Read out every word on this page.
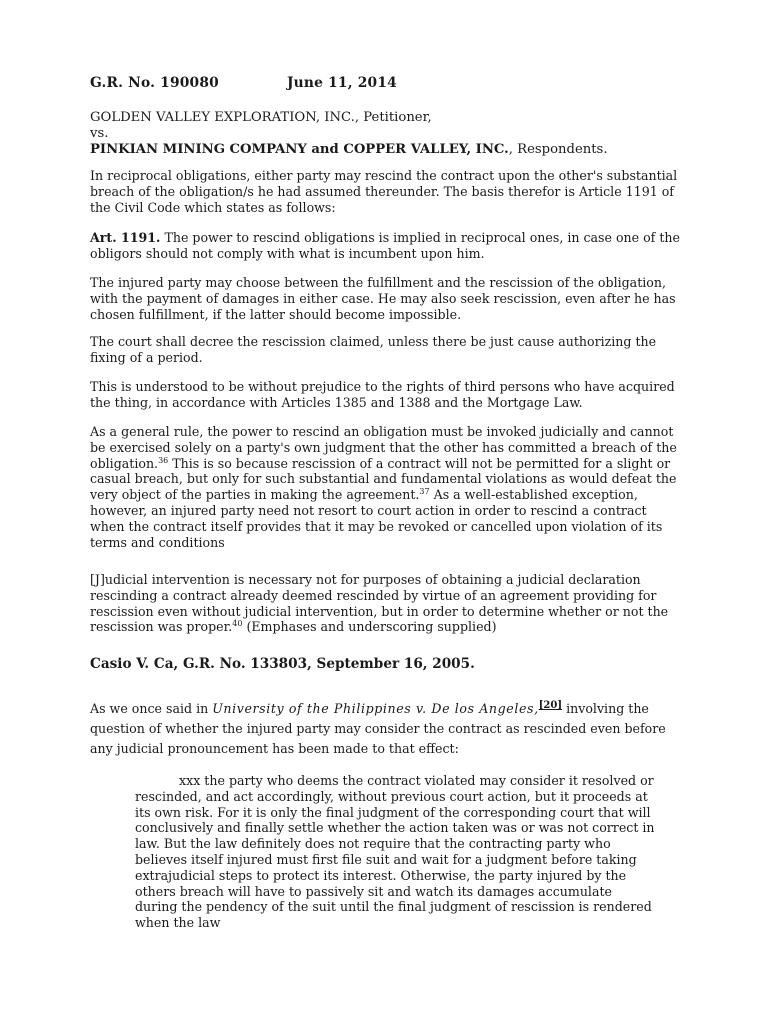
G.R. No. 190080	June 11, 2014
GOLDEN VALLEY EXPLORATION, INC., Petitioner,
vs.
PINKIAN MINING COMPANY and COPPER VALLEY, INC., Respondents.

In reciprocal obligations, either party may rescind the contract upon the other's substantial breach of the obligation/s he had assumed thereunder. The basis therefor is Article 1191 of the Civil Code which states as follows:

Art. 1191. The power to rescind obligations is implied in reciprocal ones, in case one of the obligors should not comply with what is incumbent upon him.

The injured party may choose between the fulfillment and the rescission of the obligation, with the payment of damages in either case. He may also seek rescission, even after he has chosen fulfillment, if the latter should become impossible.

The court shall decree the rescission claimed, unless there be just cause authorizing the fixing of a period.

This is understood to be without prejudice to the rights of third persons who have acquired the thing, in accordance with Articles 1385 and 1388 and the Mortgage Law.

As a general rule, the power to rescind an obligation must be invoked judicially and cannot be exercised solely on a party's own judgment that the other has committed a breach of the obligation.$^{36}$ This is so because rescission of a contract will not be permitted for a slight or casual breach, but only for such substantial and fundamental violations as would defeat the very object of the parties in making the agreement.$^{37}$ As a well-established exception, however, an injured party need not resort to court action in order to rescind a contract when the contract itself provides that it may be revoked or cancelled upon violation of its terms and conditions

[J]udicial intervention is necessary not for purposes of obtaining a judicial declaration rescinding a contract already deemed rescinded by virtue of an agreement providing for rescission even without judicial intervention, but in order to determine whether or not the rescission was proper.$^{40}$ (Emphases and underscoring supplied)

Casio V. Ca, G.R. No. 133803, September 16, 2005.

As we once said in University of the Philippines v. De los Angeles,[20] involving the question of whether the injured party may consider the contract as rescinded even before any judicial pronouncement has been made to that effect:

xxx the party who deems the contract violated may consider it resolved or rescinded, and act accordingly, without previous court action, but it proceeds at its own risk. For it is only the final judgment of the corresponding court that will conclusively and finally settle whether the action taken was or was not correct in law. But the law definitely does not require that the contracting party who believes itself injured must first file suit and wait for a judgment before taking extrajudicial steps to protect its interest. Otherwise, the party injured by the others breach will have to passively sit and watch its damages accumulate during the pendency of the suit until the final judgment of rescission is rendered when the law
